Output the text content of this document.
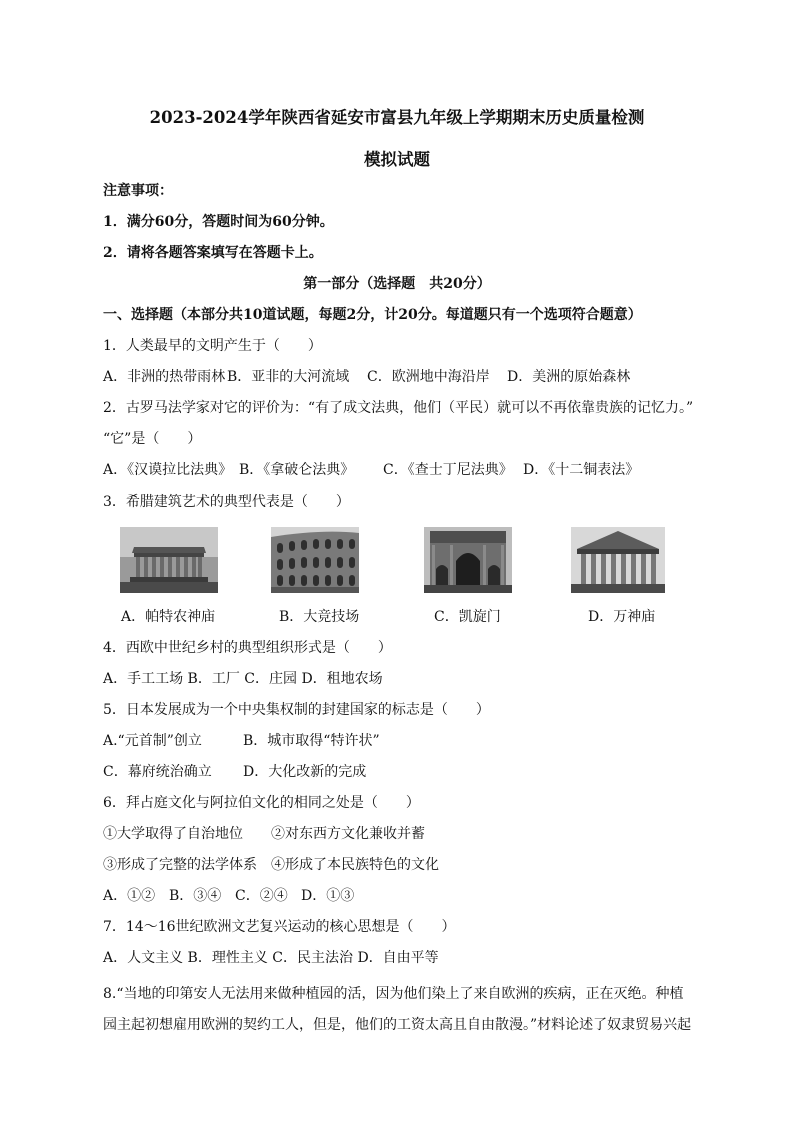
2023-2024学年陕西省延安市富县九年级上学期期末历史质量检测
模拟试题
注意事项：
1．满分60分，答题时间为60分钟。
2．请将各题答案填写在答题卡上。
第一部分（选择题　共20分）
一、选择题（本部分共10道试题，每题2分，计20分。每道题只有一个选项符合题意）
1．人类最早的文明产生于（　　）
A．非洲的热带雨林 B．亚非的大河流域 C．欧洲地中海沿岸 D．美洲的原始森林
2．古罗马法学家对它的评价为：“有了成文法典，他们（平民）就可以不再依靠贵族的记忆力。”
“它”是（　　）
A．《汉谟拉比法典》 B．《拿破仑法典》 C．《查士丁尼法典》 D．《十二铜表法》
3．希腊建筑艺术的典型代表是（　　）
A．帕特农神庙	B．大竞技场	C．凯旋门	D．万神庙
4．西欧中世纪乡村的典型组织形式是（　　）
A．手工工场 B．工厂 C．庄园 D．租地农场
5．日本发展成为一个中央集权制的封建国家的标志是（　　）
A.“元首制”创立	B．城市取得“特许状”
C．幕府统治确立 D．大化改新的完成
6．拜占庭文化与阿拉伯文化的相同之处是（　　）
①大学取得了自治地位 ②对东西方文化兼收并蓄
③形成了完整的法学体系 ④形成了本民族特色的文化
A．①② B．③④ C．②④ D．①③
7．14～16世纪欧洲文艺复兴运动的核心思想是（　　）
A．人文主义 B．理性主义 C．民主法治 D．自由平等
8.“当地的印第安人无法用来做种植园的活，因为他们染上了来自欧洲的疾病，正在灭绝。种植
园主起初想雇用欧洲的契约工人，但是，他们的工资太高且自由散漫。”材料论述了奴隶贸易兴起
